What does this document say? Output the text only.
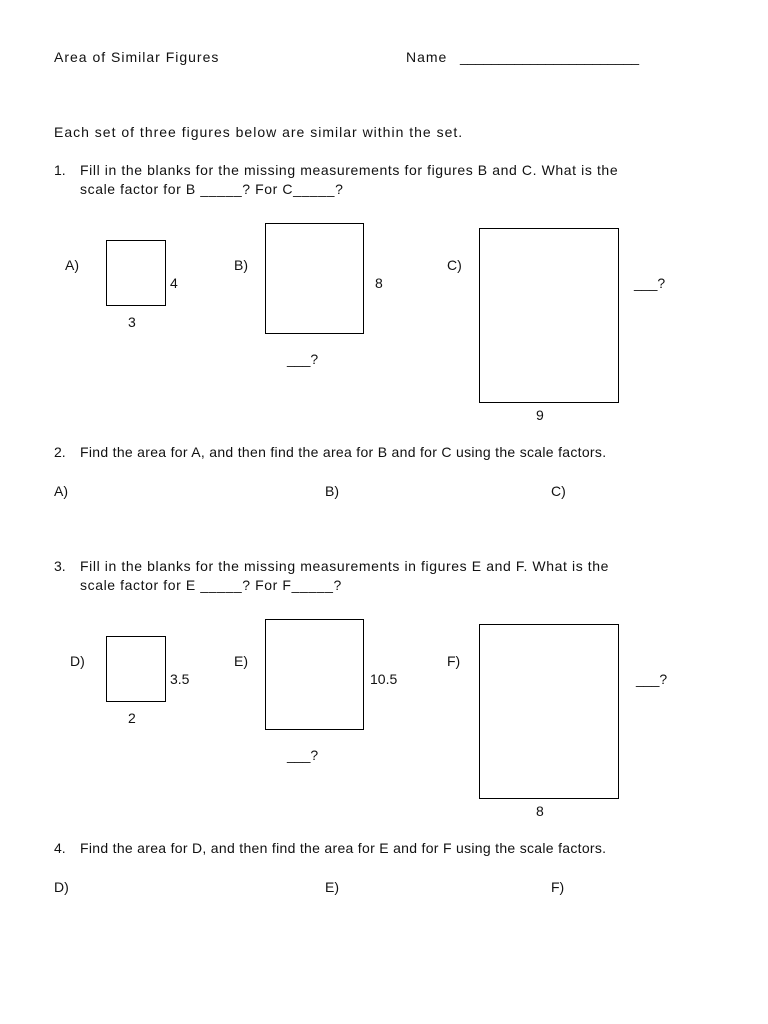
Area of Similar Figures	Name _______________________
Each set of three figures below are similar within the set.
1. Fill in the blanks for the missing measurements for figures B and C. What is the
scale factor for B _____? For C_____?
A)
4
3
B)
8
___?
C)
___?
9
2. Find the area for A, and then find the area for B and for C using the scale factors.
A)	B)	C)
3. Fill in the blanks for the missing measurements in figures E and F. What is the
scale factor for E _____? For F_____?
D)
3.5
2
E)
10.5
___?
F)
___?
8
4. Find the area for D, and then find the area for E and for F using the scale factors.
D)	E)	F)
